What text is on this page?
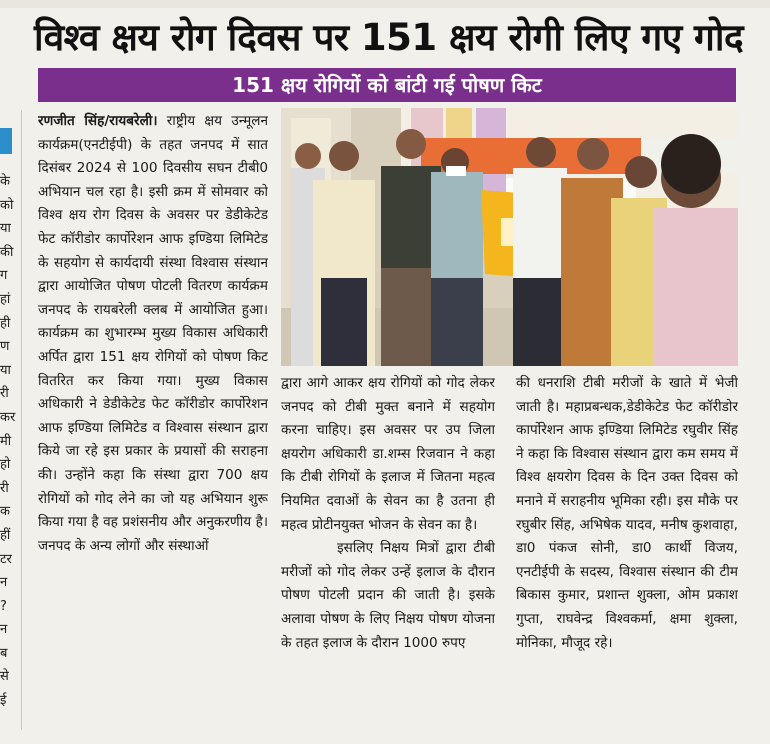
विश्व क्षय रोग दिवस पर 151 क्षय रोगी लिए गए गोद
151 क्षय रोगियों को बांटी गई पोषण किट
के
को
या
की
ग
हां
ही
ण
या
री
कर
मी
हो
री
क
हीं
टर
न
?
न
ब
से
ई

रणजीत सिंह/रायबरेली। राष्ट्रीय क्षय उन्मूलन कार्यक्रम(एनटीईपी) के तहत जनपद में सात दिसंबर 2024 से 100 दिवसीय सघन टीबी0 अभियान चल रहा है। इसी क्रम में सोमवार को विश्व क्षय रोग दिवस के अवसर पर डेडीकेटेड फेट कॉरीडोर कार्पोरेशन आफ इण्डिया लिमिटेड के सहयोग से कार्यदायी संस्था विश्वास संस्थान द्वारा आयोजित पोषण पोटली वितरण कार्यक्रम जनपद के रायबरेली क्लब में आयोजित हुआ। कार्यक्रम का शुभारम्भ मुख्य विकास अधिकारी अर्पित द्वारा 151 क्षय रोगियों को पोषण किट वितरित कर किया गया। मुख्य विकास अधिकारी ने डेडीकेटेड फेट कॉरीडोर कार्पोरेशन आफ इण्डिया लिमिटेड व विश्वास संस्थान द्वारा किये जा रहे इस प्रकार के प्रयासों की सराहना की। उन्होंने कहा कि संस्था द्वारा 700 क्षय रोगियों को गोद लेने का जो यह अभियान शुरू किया गया है वह प्रशंसनीय और अनुकरणीय है। जनपद के अन्य लोगों और संस्थाओं

द्वारा आगे आकर क्षय रोगियों को गोद लेकर जनपद को टीबी मुक्त बनाने में सहयोग करना चाहिए। इस अवसर पर उप जिला क्षयरोग अधिकारी डा.शम्स रिजवान ने कहा कि टीबी रोगियों के इलाज में जितना महत्व नियमित दवाओं के सेवन का है उतना ही महत्व प्रोटीनयुक्त भोजन के सेवन का है।

इसलिए निक्षय मित्रों द्वारा टीबी मरीजों को गोद लेकर उन्हें इलाज के दौरान पोषण पोटली प्रदान की जाती है। इसके अलावा पोषण के लिए निक्षय पोषण योजना के तहत इलाज के दौरान 1000 रुपए

की धनराशि टीबी मरीजों के खाते में भेजी जाती है। महाप्रबन्धक,डेडीकेटेड फेट कॉरीडोर कार्पोरेशन आफ इण्डिया लिमिटेड रघुवीर सिंह ने कहा कि विश्वास संस्थान द्वारा कम समय में विश्व क्षयरोग दिवस के दिन उक्त दिवस को मनाने में सराहनीय भूमिका रही। इस मौके पर रघुबीर सिंह, अभिषेक यादव, मनीष कुशवाहा, डा0 पंकज सोनी, डा0 कार्थी विजय, एनटीईपी के सदस्य, विश्वास संस्थान की टीम बिकास कुमार, प्रशान्त शुक्ला, ओम प्रकाश गुप्ता, राघवेन्द्र विश्वकर्मा, क्षमा शुक्ला, मोनिका, मौजूद रहे।
